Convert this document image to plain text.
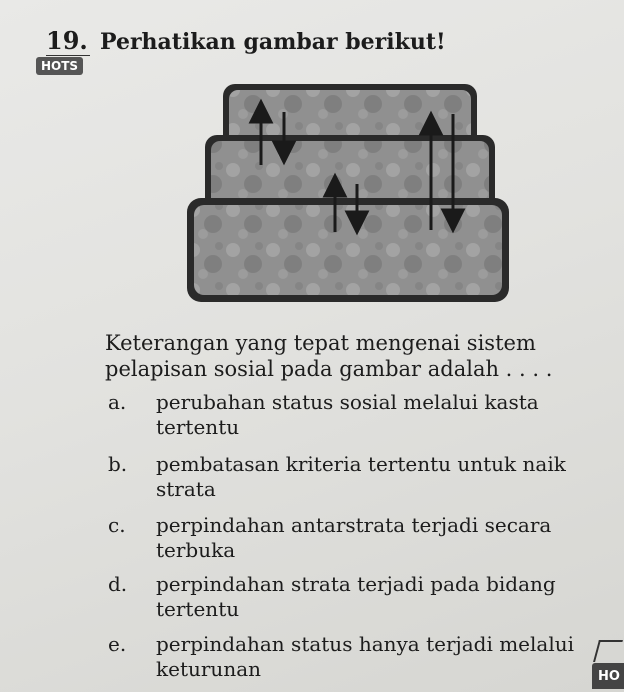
19. Perhatikan gambar berikut!
HOTS

Keterangan yang tepat mengenai sistem pelapisan sosial pada gambar adalah . . . .

a.	perubahan status sosial melalui kasta tertentu
b.	pembatasan kriteria tertentu untuk naik strata
c.	perpindahan antarstrata terjadi secara terbuka
d.	perpindahan strata terjadi pada bidang tertentu
e.	perpindahan status hanya terjadi melalui keturunan	HO
